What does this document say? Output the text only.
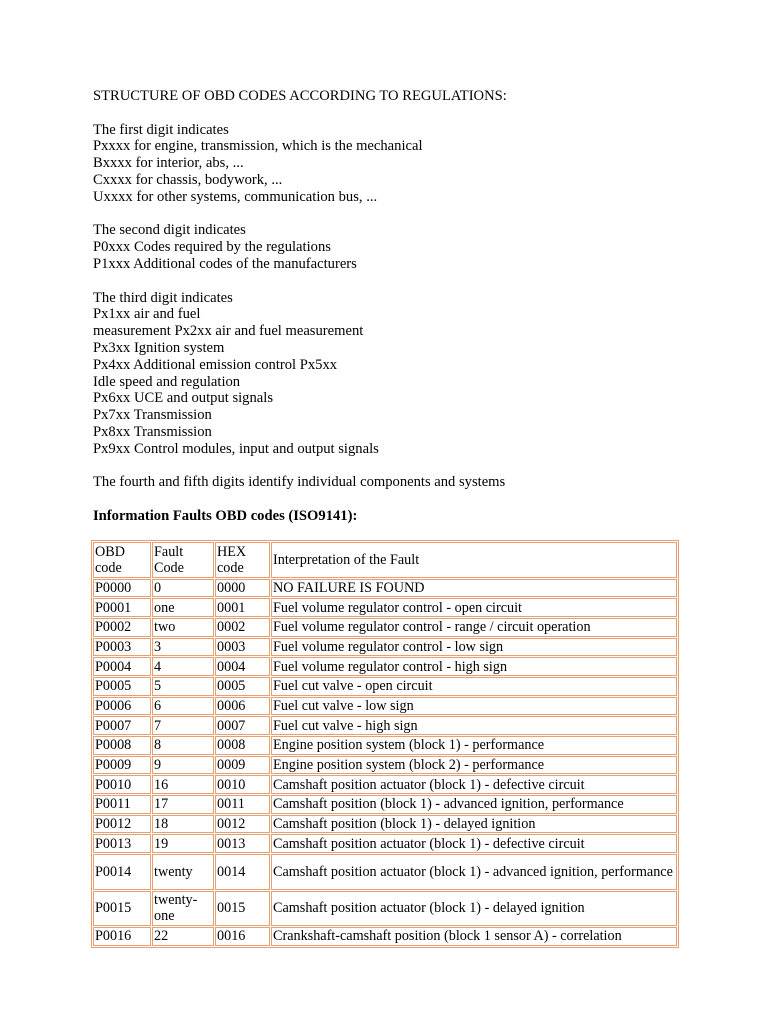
STRUCTURE OF OBD CODES ACCORDING TO REGULATIONS:
The first digit indicates
Pxxxx for engine, transmission, which is the mechanical
Bxxxx for interior, abs, ...
Cxxxx for chassis, bodywork, ...
Uxxxx for other systems, communication bus, ...
The second digit indicates
P0xxx Codes required by the regulations
P1xxx Additional codes of the manufacturers
The third digit indicates
Px1xx air and fuel
measurement Px2xx air and fuel measurement
Px3xx Ignition system
Px4xx Additional emission control Px5xx
Idle speed and regulation
Px6xx UCE and output signals
Px7xx Transmission
Px8xx Transmission
Px9xx Control modules, input and output signals
The fourth and fifth digits identify individual components and systems
Information Faults OBD codes (ISO9141):
OBD code	Fault Code	HEX code	Interpretation of the Fault
P0000	0	0000	NO FAILURE IS FOUND
P0001	one	0001	Fuel volume regulator control - open circuit
P0002	two	0002	Fuel volume regulator control - range / circuit operation
P0003	3	0003	Fuel volume regulator control - low sign
P0004	4	0004	Fuel volume regulator control - high sign
P0005	5	0005	Fuel cut valve - open circuit
P0006	6	0006	Fuel cut valve - low sign
P0007	7	0007	Fuel cut valve - high sign
P0008	8	0008	Engine position system (block 1) - performance
P0009	9	0009	Engine position system (block 2) - performance
P0010	16	0010	Camshaft position actuator (block 1) - defective circuit
P0011	17	0011	Camshaft position (block 1) - advanced ignition, performance
P0012	18	0012	Camshaft position (block 1) - delayed ignition
P0013	19	0013	Camshaft position actuator (block 1) - defective circuit
P0014	twenty	0014	Camshaft position actuator (block 1) - advanced ignition, performance
P0015	twenty-one	0015	Camshaft position actuator (block 1) - delayed ignition
P0016	22	0016	Crankshaft-camshaft position (block 1 sensor A) - correlation
